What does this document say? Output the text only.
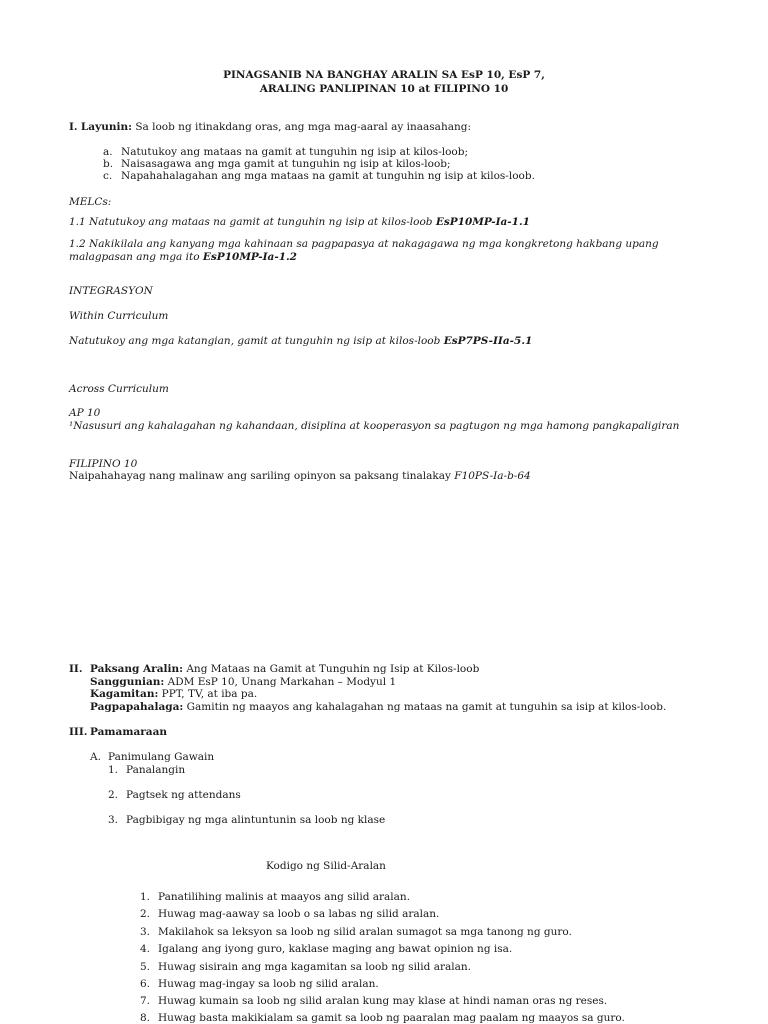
PINAGSANIB NA BANGHAY ARALIN SA EsP 10, EsP 7,
ARALING PANLIPINAN 10 at FILIPINO 10
I. Layunin: Sa loob ng itinakdang oras, ang mga mag-aaral ay inaasahang:
a. Natutukoy ang mataas na gamit at tunguhin ng isip at kilos-loob;
b. Naisasagawa ang mga gamit at tunguhin ng isip at kilos-loob;
c. Napahahalagahan ang mga mataas na gamit at tunguhin ng isip at kilos-loob.
MELCs:
1.1 Natutukoy ang mataas na gamit at tunguhin ng isip at kilos-loob EsP10MP-Ia-1.1
1.2 Nakikilala ang kanyang mga kahinaan sa pagpapasya at nakagagawa ng mga kongkretong hakbang upang
malagpasan ang mga ito EsP10MP-Ia-1.2
INTEGRASYON
Within Curriculum
Natutukoy ang mga katangian, gamit at tunguhin ng isip at kilos-loob EsP7PS-IIa-5.1
Across Curriculum
AP 10
¹Nasusuri ang kahalagahan ng kahandaan, disiplina at kooperasyon sa pagtugon ng mga hamong pangkapaligiran
FILIPINO 10
Naipahahayag nang malinaw ang sariling opinyon sa paksang tinalakay F10PS-Ia-b-64
II. Paksang Aralin: Ang Mataas na Gamit at Tunguhin ng Isip at Kilos-loob
Sanggunian: ADM EsP 10, Unang Markahan – Modyul 1
Kagamitan: PPT, TV, at iba pa.
Pagpapahalaga: Gamitin ng maayos ang kahalagahan ng mataas na gamit at tunguhin sa isip at kilos-loob.
III. Pamamaraan
A. Panimulang Gawain
1. Panalangin
2. Pagtsek ng attendans
3. Pagbibigay ng mga alintuntunin sa loob ng klase
Kodigo ng Silid-Aralan
1. Panatilihing malinis at maayos ang silid aralan.
2. Huwag mag-aaway sa loob o sa labas ng silid aralan.
3. Makilahok sa leksyon sa loob ng silid aralan sumagot sa mga tanong ng guro.
4. Igalang ang iyong guro, kaklase maging ang bawat opinion ng isa.
5. Huwag sisirain ang mga kagamitan sa loob ng silid aralan.
6. Huwag mag-ingay sa loob ng silid aralan.
7. Huwag kumain sa loob ng silid aralan kung may klase at hindi naman oras ng reses.
8. Huwag basta makikialam sa gamit sa loob ng paaralan mag paalam ng maayos sa guro.
